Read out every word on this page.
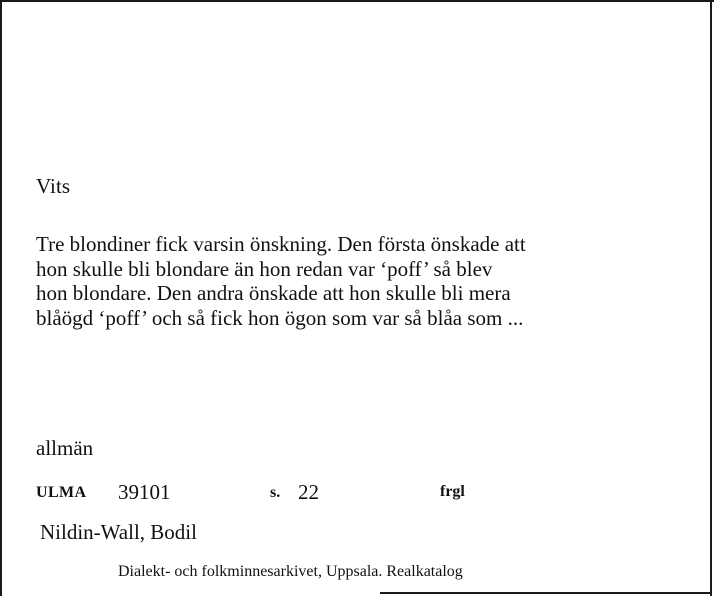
Vits
Tre blondiner fick varsin önskning. Den första önskade att
hon skulle bli blondare än hon redan var ‘poff’ så blev
hon blondare. Den andra önskade att hon skulle bli mera
blåögd ‘poff’ och så fick hon ögon som var så blåa som ...
allmän
ULMA 39101	s. 22	frgl
Nildin-Wall, Bodil
Dialekt- och folkminnesarkivet, Uppsala. Realkatalog
